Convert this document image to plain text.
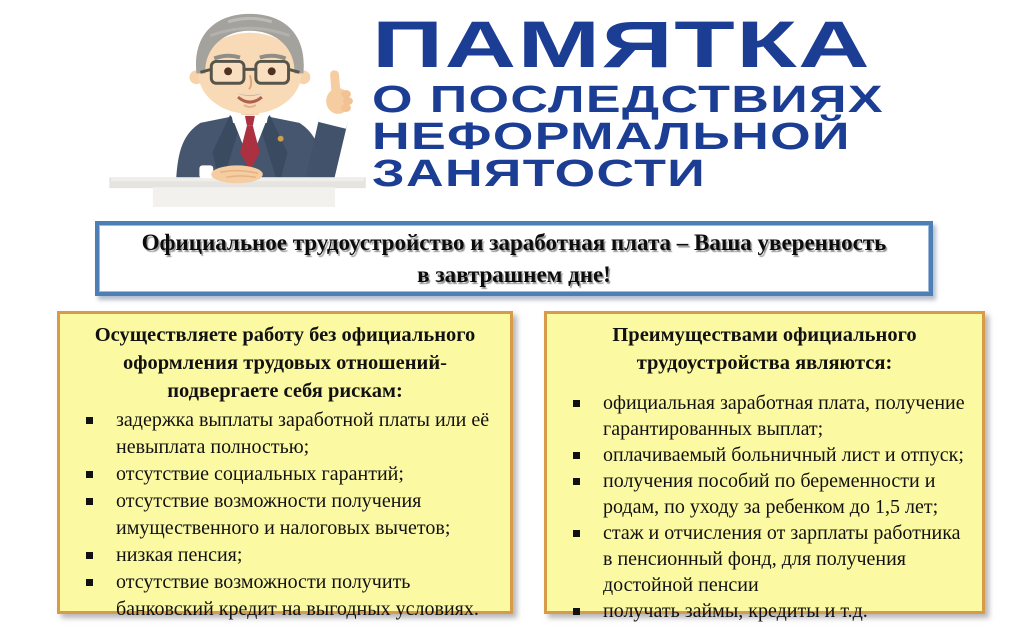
ПАМЯТКА
О ПОСЛЕДСТВИЯХ
НЕФОРМАЛЬНОЙ
ЗАНЯТОСТИ
Официальное трудоустройство и заработная плата – Ваша уверенность
в завтрашнем дне!
Осуществляете работу без официального оформления трудовых отношений- подвергаете себя рискам:
задержка выплаты заработной платы или её невыплата полностью;
отсутствие социальных гарантий;
отсутствие возможности получения имущественного и налоговых вычетов;
низкая пенсия;
отсутствие возможности получить банковский кредит на выгодных условиях.
Преимуществами официального трудоустройства являются:
официальная заработная плата, получение гарантированных выплат;
оплачиваемый больничный лист и отпуск;
получения пособий по беременности и родам, по уходу за ребенком до 1,5 лет;
стаж и отчисления от зарплаты работника в пенсионный фонд, для получения достойной пенсии
получать займы, кредиты и т.д.
